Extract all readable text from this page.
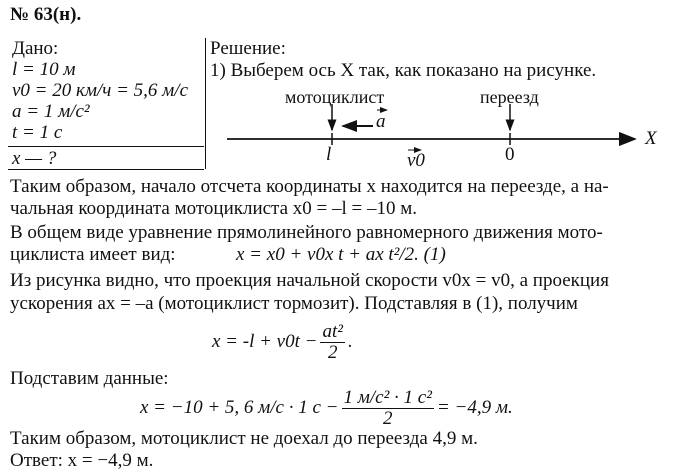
№ 63(н).
Дано:
l = 10 м
v0 = 20 км/ч = 5,6 м/с
a = 1 м/c²
t = 1 с
x — ?
Решение:
1) Выберем ось X так, как показано на рисунке.
мотоциклист	переезд
a
l	0
v0
X
Таким образом, начало отсчета координаты x находится на переезде, а на-
чальная координата мотоциклиста x0 = –l = –10 м.
В общем виде уравнение прямолинейного равномерного движения мото-
циклиста имеет вид:	x = x0 + v0x t + ax t²/2. (1)
Из рисунка видно, что проекция начальной скорости v0x = v0, а проекция
ускорения ax = –a (мотоциклист тормозит). Подставляя в (1), получим
$x = -l + v0t - \frac{\text{at²}}{2}$ .
Подставим данные:
x = −10 + 5, 6 м/с · 1 $с - \frac{\text{1 м/c² · 1 c²}}{2} = -4,9$ м.
Таким образом, мотоциклист не доехал до переезда 4,9 м.
Ответ: x = −4,9 м.
